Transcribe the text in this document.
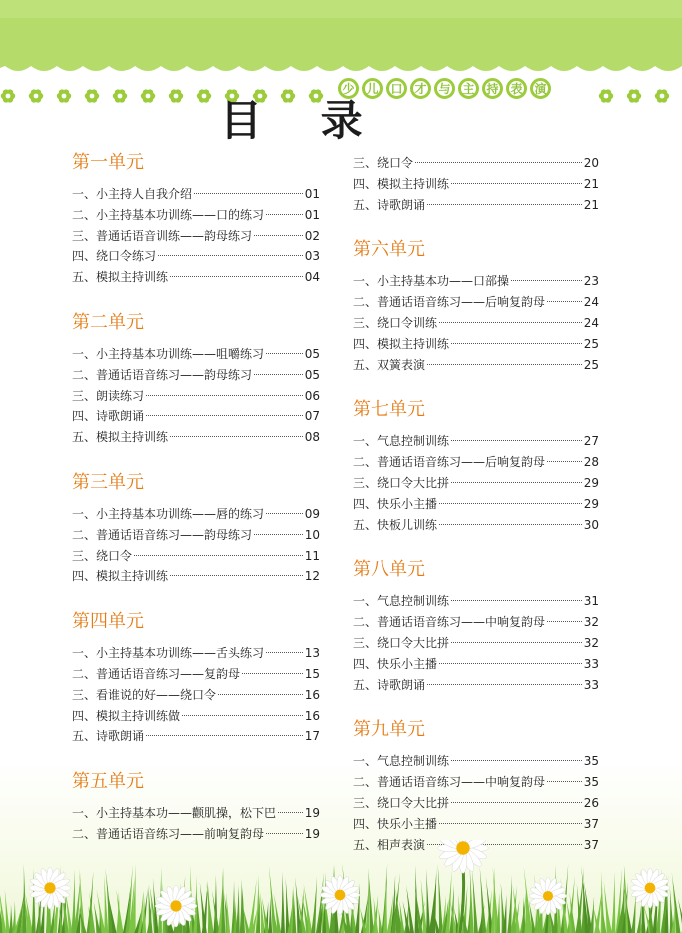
少 儿 口 才 与 主 持 表 演
目 录
第一单元
一、 小主持人自我介绍	01
二、 小主持基本功训练——口的练习	01
三、 普通话语音训练——韵母练习	02
四、 绕口令练习	03
五、 模拟主持训练	04
第二单元
一、 小主持基本功训练——咀嚼练习	05
二、 普通话语音练习——韵母练习	05
三、 朗读练习	06
四、 诗歌朗诵	07
五、 模拟主持训练	08
第三单元
一、 小主持基本功训练——唇的练习	09
二、 普通话语音练习——韵母练习	10
三、 绕口令	11
四、 模拟主持训练	12
第四单元
一、 小主持基本功训练——舌头练习	13
二、 普通话语音练习——复韵母	15
三、 看谁说的好——绕口令	16
四、 模拟主持训练做	16
五、 诗歌朗诵	17
第五单元
一、 小主持基本功——颧肌操，松下巴 19
二、 普通话语音练习——前响复韵母	19
三、 绕口令	20
四、 模拟主持训练	21
五、 诗歌朗诵	21
第六单元
一、 小主持基本功——口部操	23
二、 普通话语音练习——后响复韵母	24
三、 绕口令训练	24
四、 模拟主持训练	25
五、 双簧表演	25
第七单元
一、 气息控制训练	27
二、 普通话语音练习——后响复韵母	28
三、 绕口令大比拼	29
四、 快乐小主播	29
五、 快板儿训练	30
第八单元
一、 气息控制训练	31
二、 普通话语音练习——中响复韵母	32
三、 绕口令大比拼	32
四、 快乐小主播	33
五、 诗歌朗诵	33
第九单元
一、 气息控制训练	35
二、 普通话语音练习——中响复韵母	35
三、 绕口令大比拼	26
四、 快乐小主播	37
五、 相声表演	37
